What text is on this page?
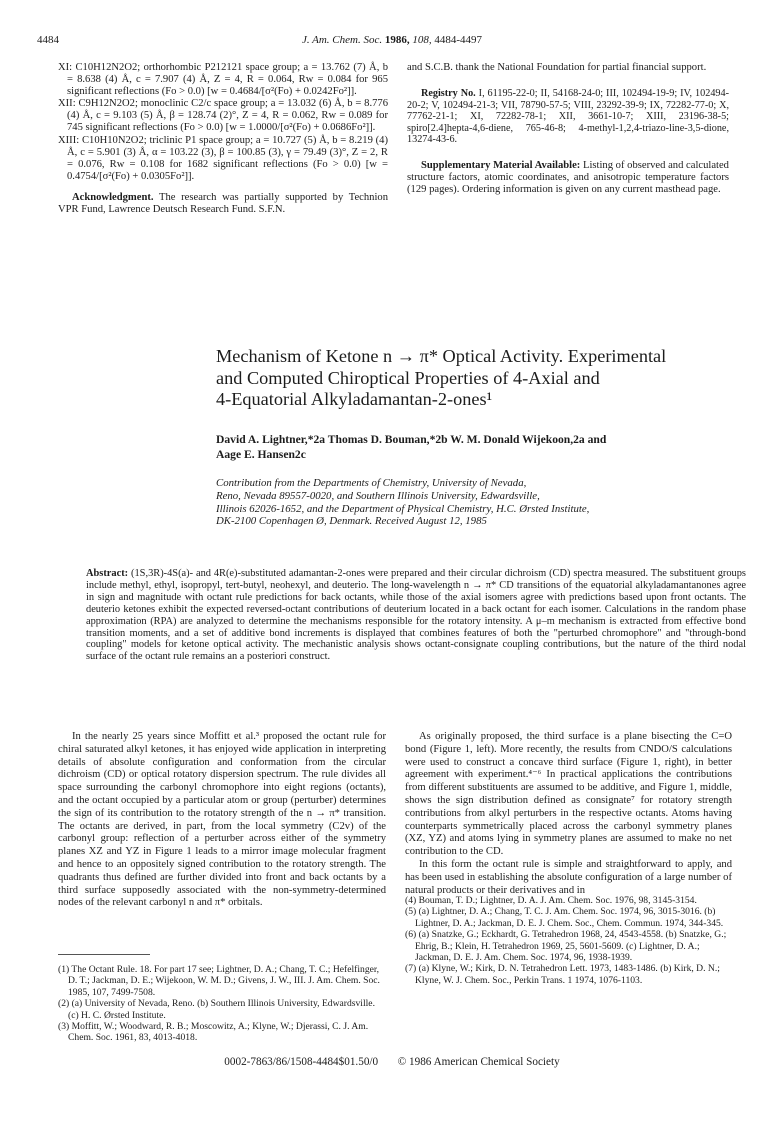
4484	J. Am. Chem. Soc. 1986, 108, 4484-4497

XI: C10H12N2O2; orthorhombic P212121 space group; a = 13.762 (7) Å, b = 8.638 (4) Å, c = 7.907 (4) Å, Z = 4, R = 0.064, Rw = 0.084 for 965 significant reflections (Fo > 0.0) [w = 0.4684/[σ²(Fo) + 0.0242Fo²]].

XII: C9H12N2O2; monoclinic C2/c space group; a = 13.032 (6) Å, b = 8.776 (4) Å, c = 9.103 (5) Å, β = 128.74 (2)°, Z = 4, R = 0.062, Rw = 0.089 for 745 significant reflections (Fo > 0.0) [w = 1.0000/[σ²(Fo) + 0.0686Fo²]].

XIII: C10H10N2O2; triclinic P1 space group; a = 10.727 (5) Å, b = 8.219 (4) Å, c = 5.901 (3) Å, α = 103.22 (3), β = 100.85 (3), γ = 79.49 (3)°, Z = 2, R = 0.076, Rw = 0.108 for 1682 significant reflections (Fo > 0.0) [w = 0.4754/[σ²(Fo) + 0.0305Fo²]].

Acknowledgment. The research was partially supported by Technion VPR Fund, Lawrence Deutsch Research Fund. S.F.N.

and S.C.B. thank the National Foundation for partial financial support.

Registry No. I, 61195-22-0; II, 54168-24-0; III, 102494-19-9; IV, 102494-20-2; V, 102494-21-3; VII, 78790-57-5; VIII, 23292-39-9; IX, 72282-77-0; X, 77762-21-1; XI, 72282-78-1; XII, 3661-10-7; XIII, 23196-38-5; spiro[2.4]hepta-4,6-diene, 765-46-8; 4-methyl-1,2,4-triazo-line-3,5-dione, 13274-43-6.

Supplementary Material Available: Listing of observed and calculated structure factors, atomic coordinates, and anisotropic temperature factors (129 pages). Ordering information is given on any current masthead page.

Mechanism of Ketone n → π* Optical Activity. Experimental
and Computed Chiroptical Properties of 4-Axial and
4-Equatorial Alkyladamantan-2-ones¹
David A. Lightner,*2a Thomas D. Bouman,*2b W. M. Donald Wijekoon,2a and
Aage E. Hansen2c
Contribution from the Departments of Chemistry, University of Nevada,
Reno, Nevada 89557-0020, and Southern Illinois University, Edwardsville,
Illinois 62026-1652, and the Department of Physical Chemistry, H.C. Ørsted Institute,
DK-2100 Copenhagen Ø, Denmark. Received August 12, 1985
Abstract: (1S,3R)-4S(a)- and 4R(e)-substituted adamantan-2-ones were prepared and their circular dichroism (CD) spectra measured. The substituent groups include methyl, ethyl, isopropyl, tert-butyl, neohexyl, and deuterio. The long-wavelength n → π* CD transitions of the equatorial alkyladamantanones agree in sign and magnitude with octant rule predictions for back octants, while those of the axial isomers agree with predictions based upon front octants. The deuterio ketones exhibit the expected reversed-octant contributions of deuterium located in a back octant for each isomer. Calculations in the random phase approximation (RPA) are analyzed to determine the mechanisms responsible for the rotatory intensity. A μ–m mechanism is extracted from effective bond transition moments, and a set of additive bond increments is displayed that combines features of both the "perturbed chromophore" and "through-bond coupling" models for ketone optical activity. The mechanistic analysis shows octant-consignate coupling contributions, but the nature of the third nodal surface of the octant rule remains an a posteriori construct.

In the nearly 25 years since Moffitt et al.³ proposed the octant rule for chiral saturated alkyl ketones, it has enjoyed wide application in interpreting details of absolute configuration and conformation from the circular dichroism (CD) or optical rotatory dispersion spectrum. The rule divides all space surrounding the carbonyl chromophore into eight regions (octants), and the octant occupied by a particular atom or group (perturber) determines the sign of its contribution to the rotatory strength of the n → π* transition. The octants are derived, in part, from the local symmetry (C2v) of the carbonyl group: reflection of a perturber across either of the symmetry planes XZ and YZ in Figure 1 leads to a mirror image molecular fragment and hence to an oppositely signed contribution to the rotatory strength. The quadrants thus defined are further divided into front and back octants by a third surface supposedly associated with the non-symmetry-determined nodes of the relevant carbonyl n and π* orbitals.

As originally proposed, the third surface is a plane bisecting the C=O bond (Figure 1, left). More recently, the results from CNDO/S calculations were used to construct a concave third surface (Figure 1, right), in better agreement with experiment.⁴⁻⁶ In practical applications the contributions from different substituents are assumed to be additive, and Figure 1, middle, shows the sign distribution defined as consignate⁷ for rotatory strength contributions from alkyl perturbers in the respective octants. Atoms having counterparts symmetrically placed across the carbonyl symmetry planes (XZ, YZ) and atoms lying in symmetry planes are assumed to make no net contribution to the CD.

In this form the octant rule is simple and straightforward to apply, and has been used in establishing the absolute configuration of a large number of natural products or their derivatives and in

(1) The Octant Rule. 18. For part 17 see; Lightner, D. A.; Chang, T. C.; Hefelfinger, D. T.; Jackman, D. E.; Wijekoon, W. M. D.; Givens, J. W., III. J. Am. Chem. Soc. 1985, 107, 7499-7508.

(2) (a) University of Nevada, Reno. (b) Southern Illinois University, Edwardsville. (c) H. C. Ørsted Institute.

(3) Moffitt, W.; Woodward, R. B.; Moscowitz, A.; Klyne, W.; Djerassi, C. J. Am. Chem. Soc. 1961, 83, 4013-4018.

(4) Bouman, T. D.; Lightner, D. A. J. Am. Chem. Soc. 1976, 98, 3145-3154.

(5) (a) Lightner, D. A.; Chang, T. C. J. Am. Chem. Soc. 1974, 96, 3015-3016. (b) Lightner, D. A.; Jackman, D. E. J. Chem. Soc., Chem. Commun. 1974, 344-345.

(6) (a) Snatzke, G.; Eckhardt, G. Tetrahedron 1968, 24, 4543-4558. (b) Snatzke, G.; Ehrig, B.; Klein, H. Tetrahedron 1969, 25, 5601-5609. (c) Lightner, D. A.; Jackman, D. E. J. Am. Chem. Soc. 1974, 96, 1938-1939.

(7) (a) Klyne, W.; Kirk, D. N. Tetrahedron Lett. 1973, 1483-1486. (b) Kirk, D. N.; Klyne, W. J. Chem. Soc., Perkin Trans. 1 1974, 1076-1103.

0002-7863/86/1508-4484$01.50/0 © 1986 American Chemical Society
